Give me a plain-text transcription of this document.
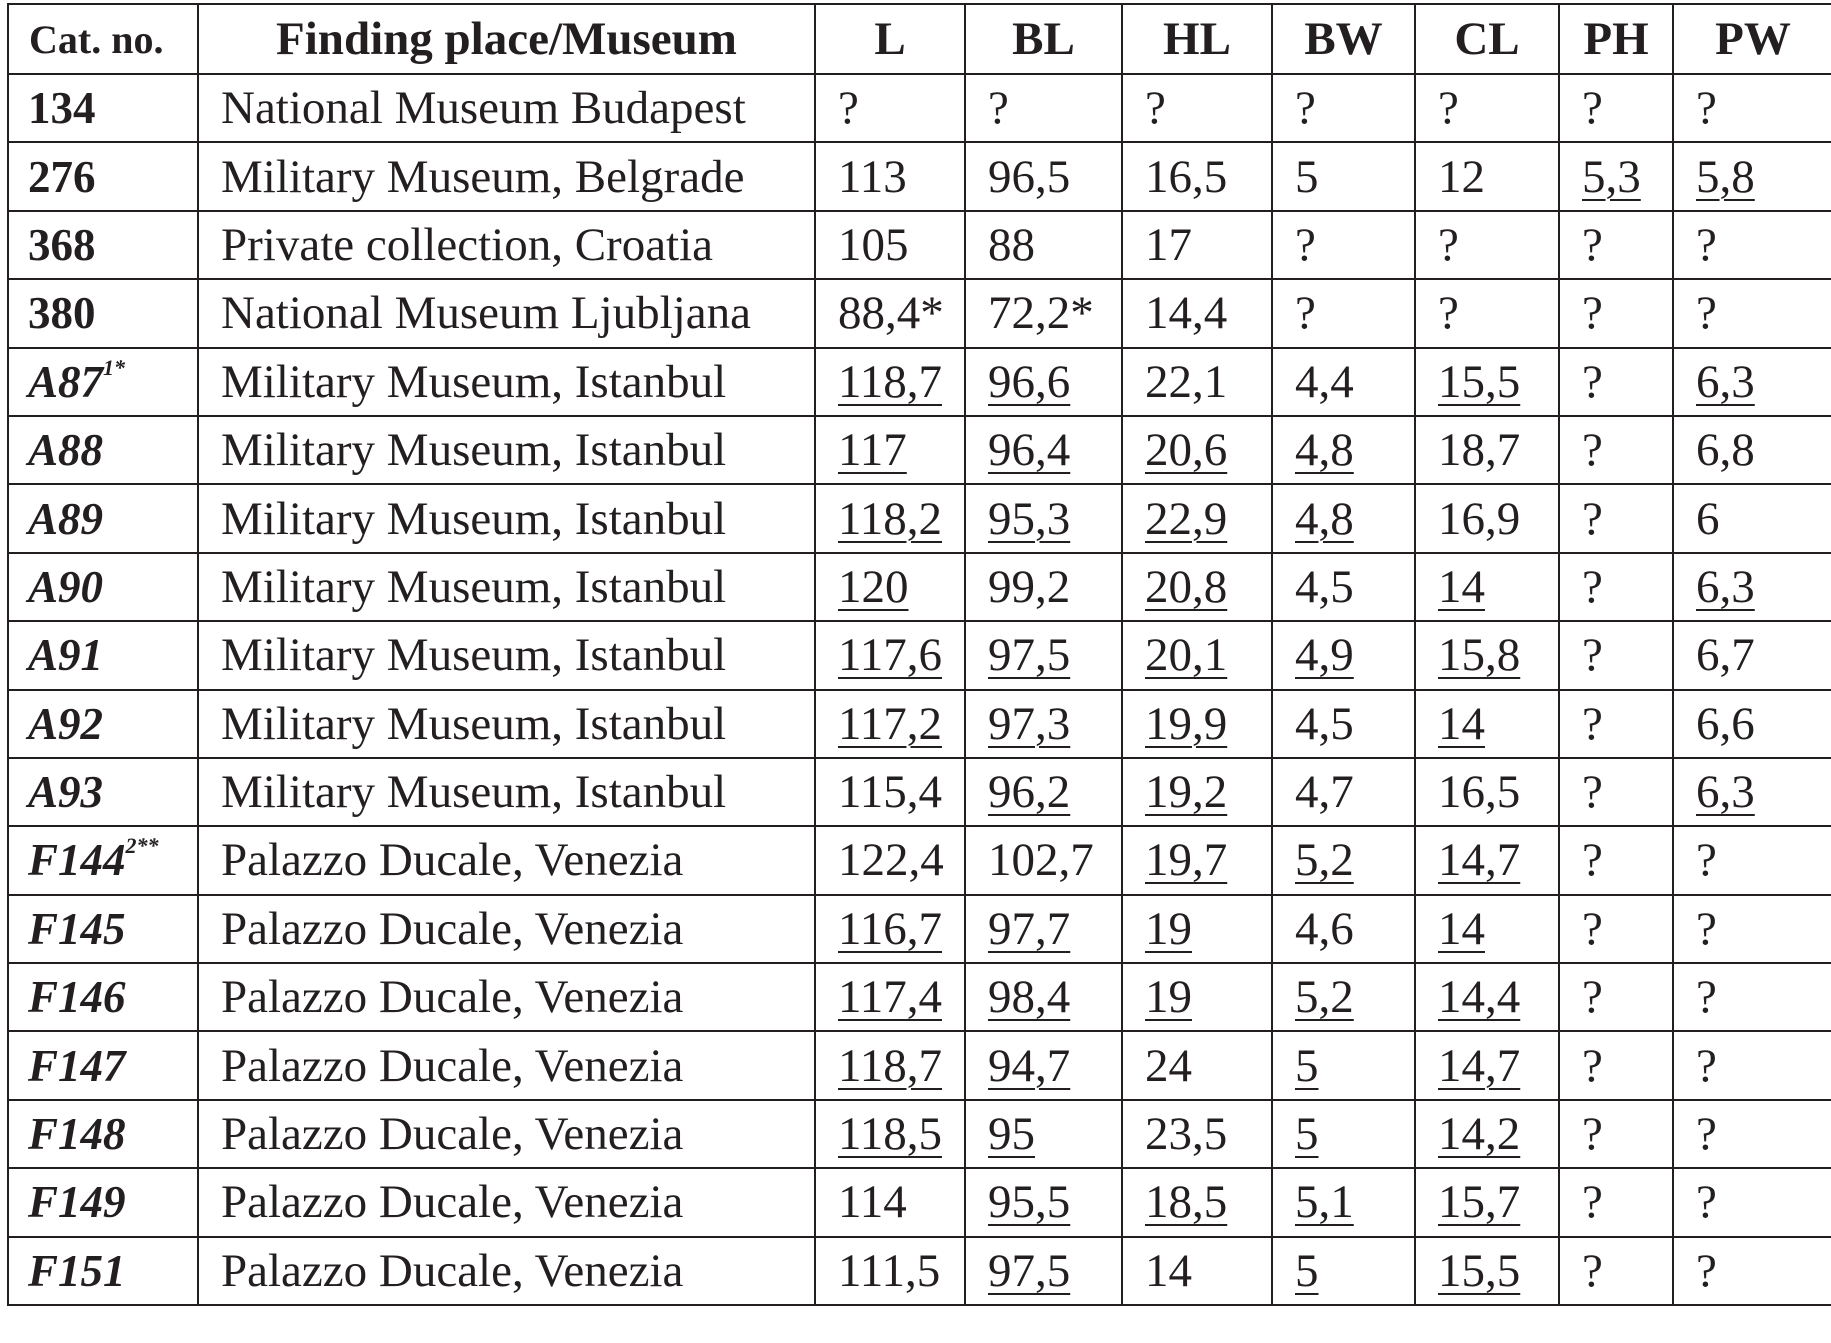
Cat. no.	Finding place/Museum	L	BL	HL	BW	CL	PH	PW
134	National Museum Budapest	?	?	?	?	?	?	?
276	Military Museum, Belgrade	113	96,5	16,5	5	12	5,3	5,8
368	Private collection, Croatia	105	88	17	?	?	?	?
380	National Museum Ljubljana	88,4*	72,2*	14,4	?	?	?	?
$A87^{1*}$	Military Museum, Istanbul	118,7	96,6	22,1	4,4	15,5	?	6,3
A88	Military Museum, Istanbul	117	96,4	20,6	4,8	18,7	?	6,8
A89	Military Museum, Istanbul	118,2	95,3	22,9	4,8	16,9	?	6
A90	Military Museum, Istanbul	120	99,2	20,8	4,5	14	?	6,3
A91	Military Museum, Istanbul	117,6	97,5	20,1	4,9	15,8	?	6,7
A92	Military Museum, Istanbul	117,2	97,3	19,9	4,5	14	?	6,6
A93	Military Museum, Istanbul	115,4	96,2	19,2	4,7	16,5	?	6,3
$F144^{2**}$	Palazzo Ducale, Venezia	122,4	102,7	19,7	5,2	14,7	?	?
F145	Palazzo Ducale, Venezia	116,7	97,7	19	4,6	14	?	?
F146	Palazzo Ducale, Venezia	117,4	98,4	19	5,2	14,4	?	?
F147	Palazzo Ducale, Venezia	118,7	94,7	24	5	14,7	?	?
F148	Palazzo Ducale, Venezia	118,5	95	23,5	5	14,2	?	?
F149	Palazzo Ducale, Venezia	114	95,5	18,5	5,1	15,7	?	?
F151	Palazzo Ducale, Venezia	111,5	97,5	14	5	15,5	?	?
